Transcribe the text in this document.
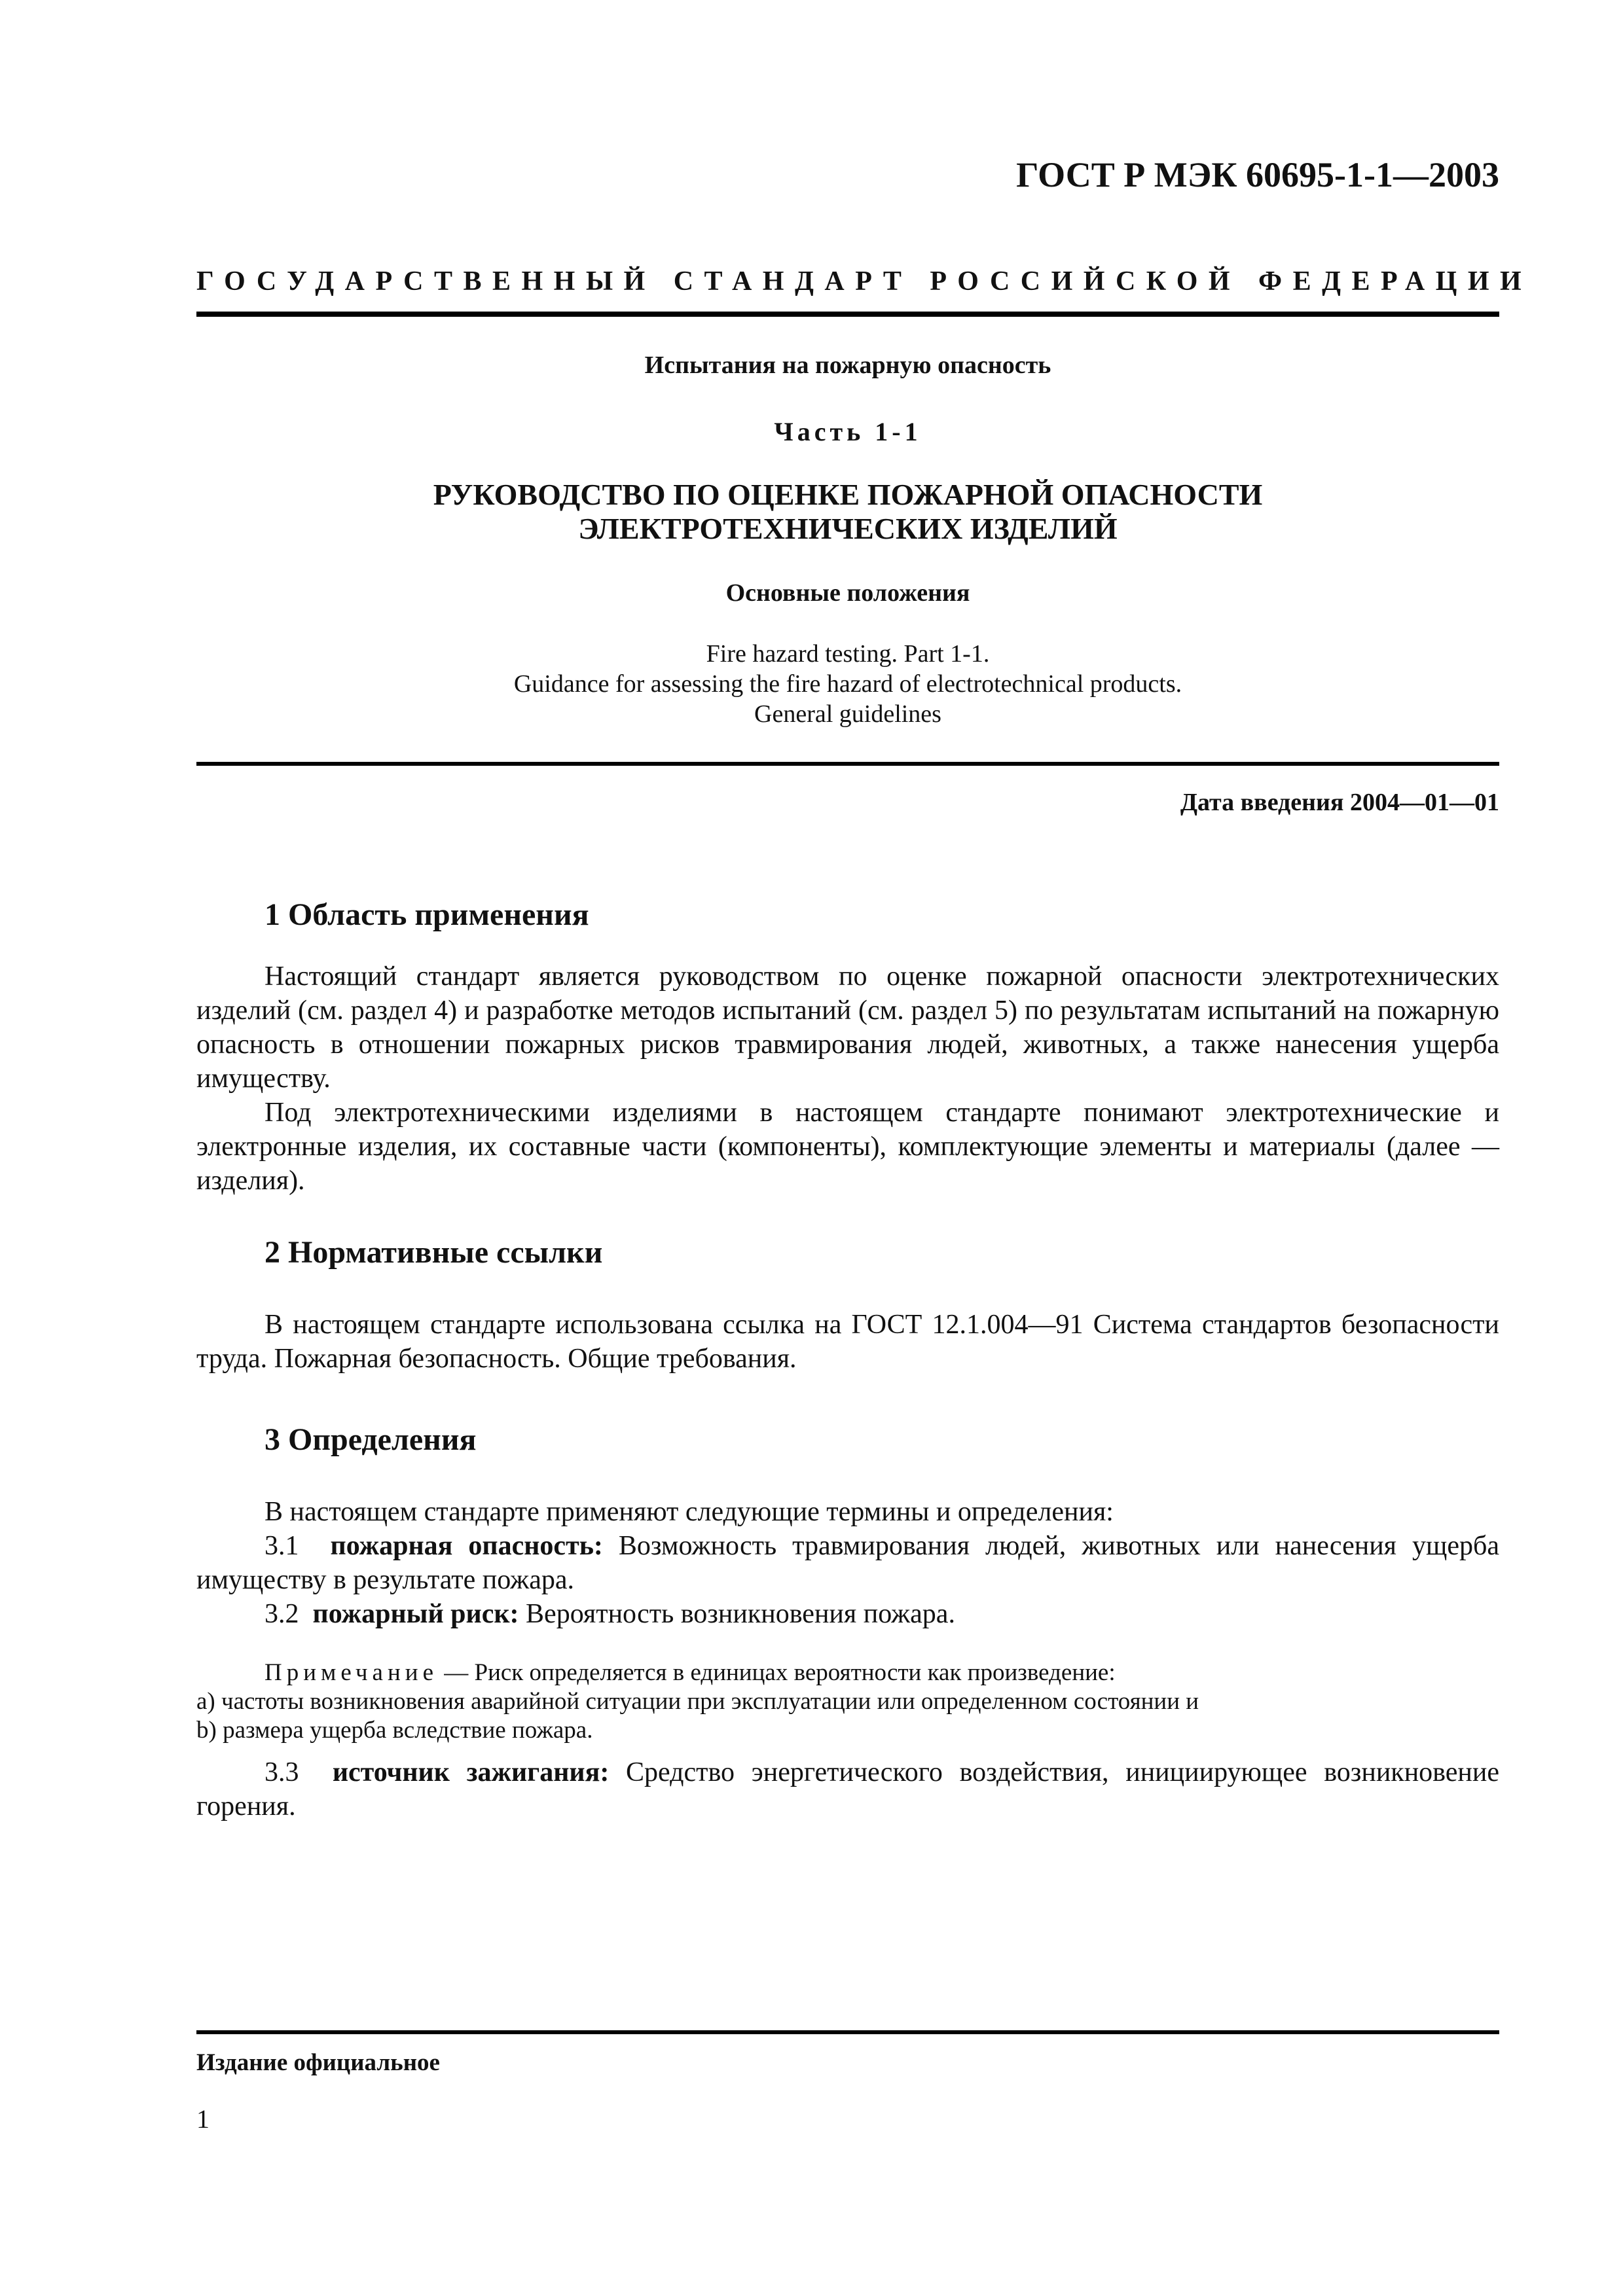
ГОСТ Р МЭК 60695-1-1—2003
ГОСУДАРСТВЕННЫЙ СТАНДАРТ РОССИЙСКОЙ ФЕДЕРАЦИИ
Испытания на пожарную опасность
Часть 1-1
РУКОВОДСТВО ПО ОЦЕНКЕ ПОЖАРНОЙ ОПАСНОСТИ
ЭЛЕКТРОТЕХНИЧЕСКИХ ИЗДЕЛИЙ
Основные положения
Fire hazard testing. Part 1-1.
Guidance for assessing the fire hazard of electrotechnical products.
General guidelines
Дата введения 2004—01—01
1 Область применения

Настоящий стандарт является руководством по оценке пожарной опасности электротехнических изделий (см. раздел 4) и разработке методов испытаний (см. раздел 5) по результатам испытаний на пожарную опасность в отношении пожарных рисков травмирования людей, животных, а также нанесения ущерба имуществу.

Под электротехническими изделиями в настоящем стандарте понимают электротехнические и электронные изделия, их составные части (компоненты), комплектующие элементы и материалы (далее — изделия).

2 Нормативные ссылки

В настоящем стандарте использована ссылка на ГОСТ 12.1.004—91 Система стандартов безопасности труда. Пожарная безопасность. Общие требования.

3 Определения

В настоящем стандарте применяют следующие термины и определения:

3.1 пожарная опасность: Возможность травмирования людей, животных или нанесения ущерба имуществу в результате пожара.

3.2 пожарный риск: Вероятность возникновения пожара.

Примечание — Риск определяется в единицах вероятности как произведение:

a) частоты возникновения аварийной ситуации при эксплуатации или определенном состоянии и

b) размера ущерба вследствие пожара.

3.3 источник зажигания: Средство энергетического воздействия, инициирующее возникновение горения.

Издание официальное
1
